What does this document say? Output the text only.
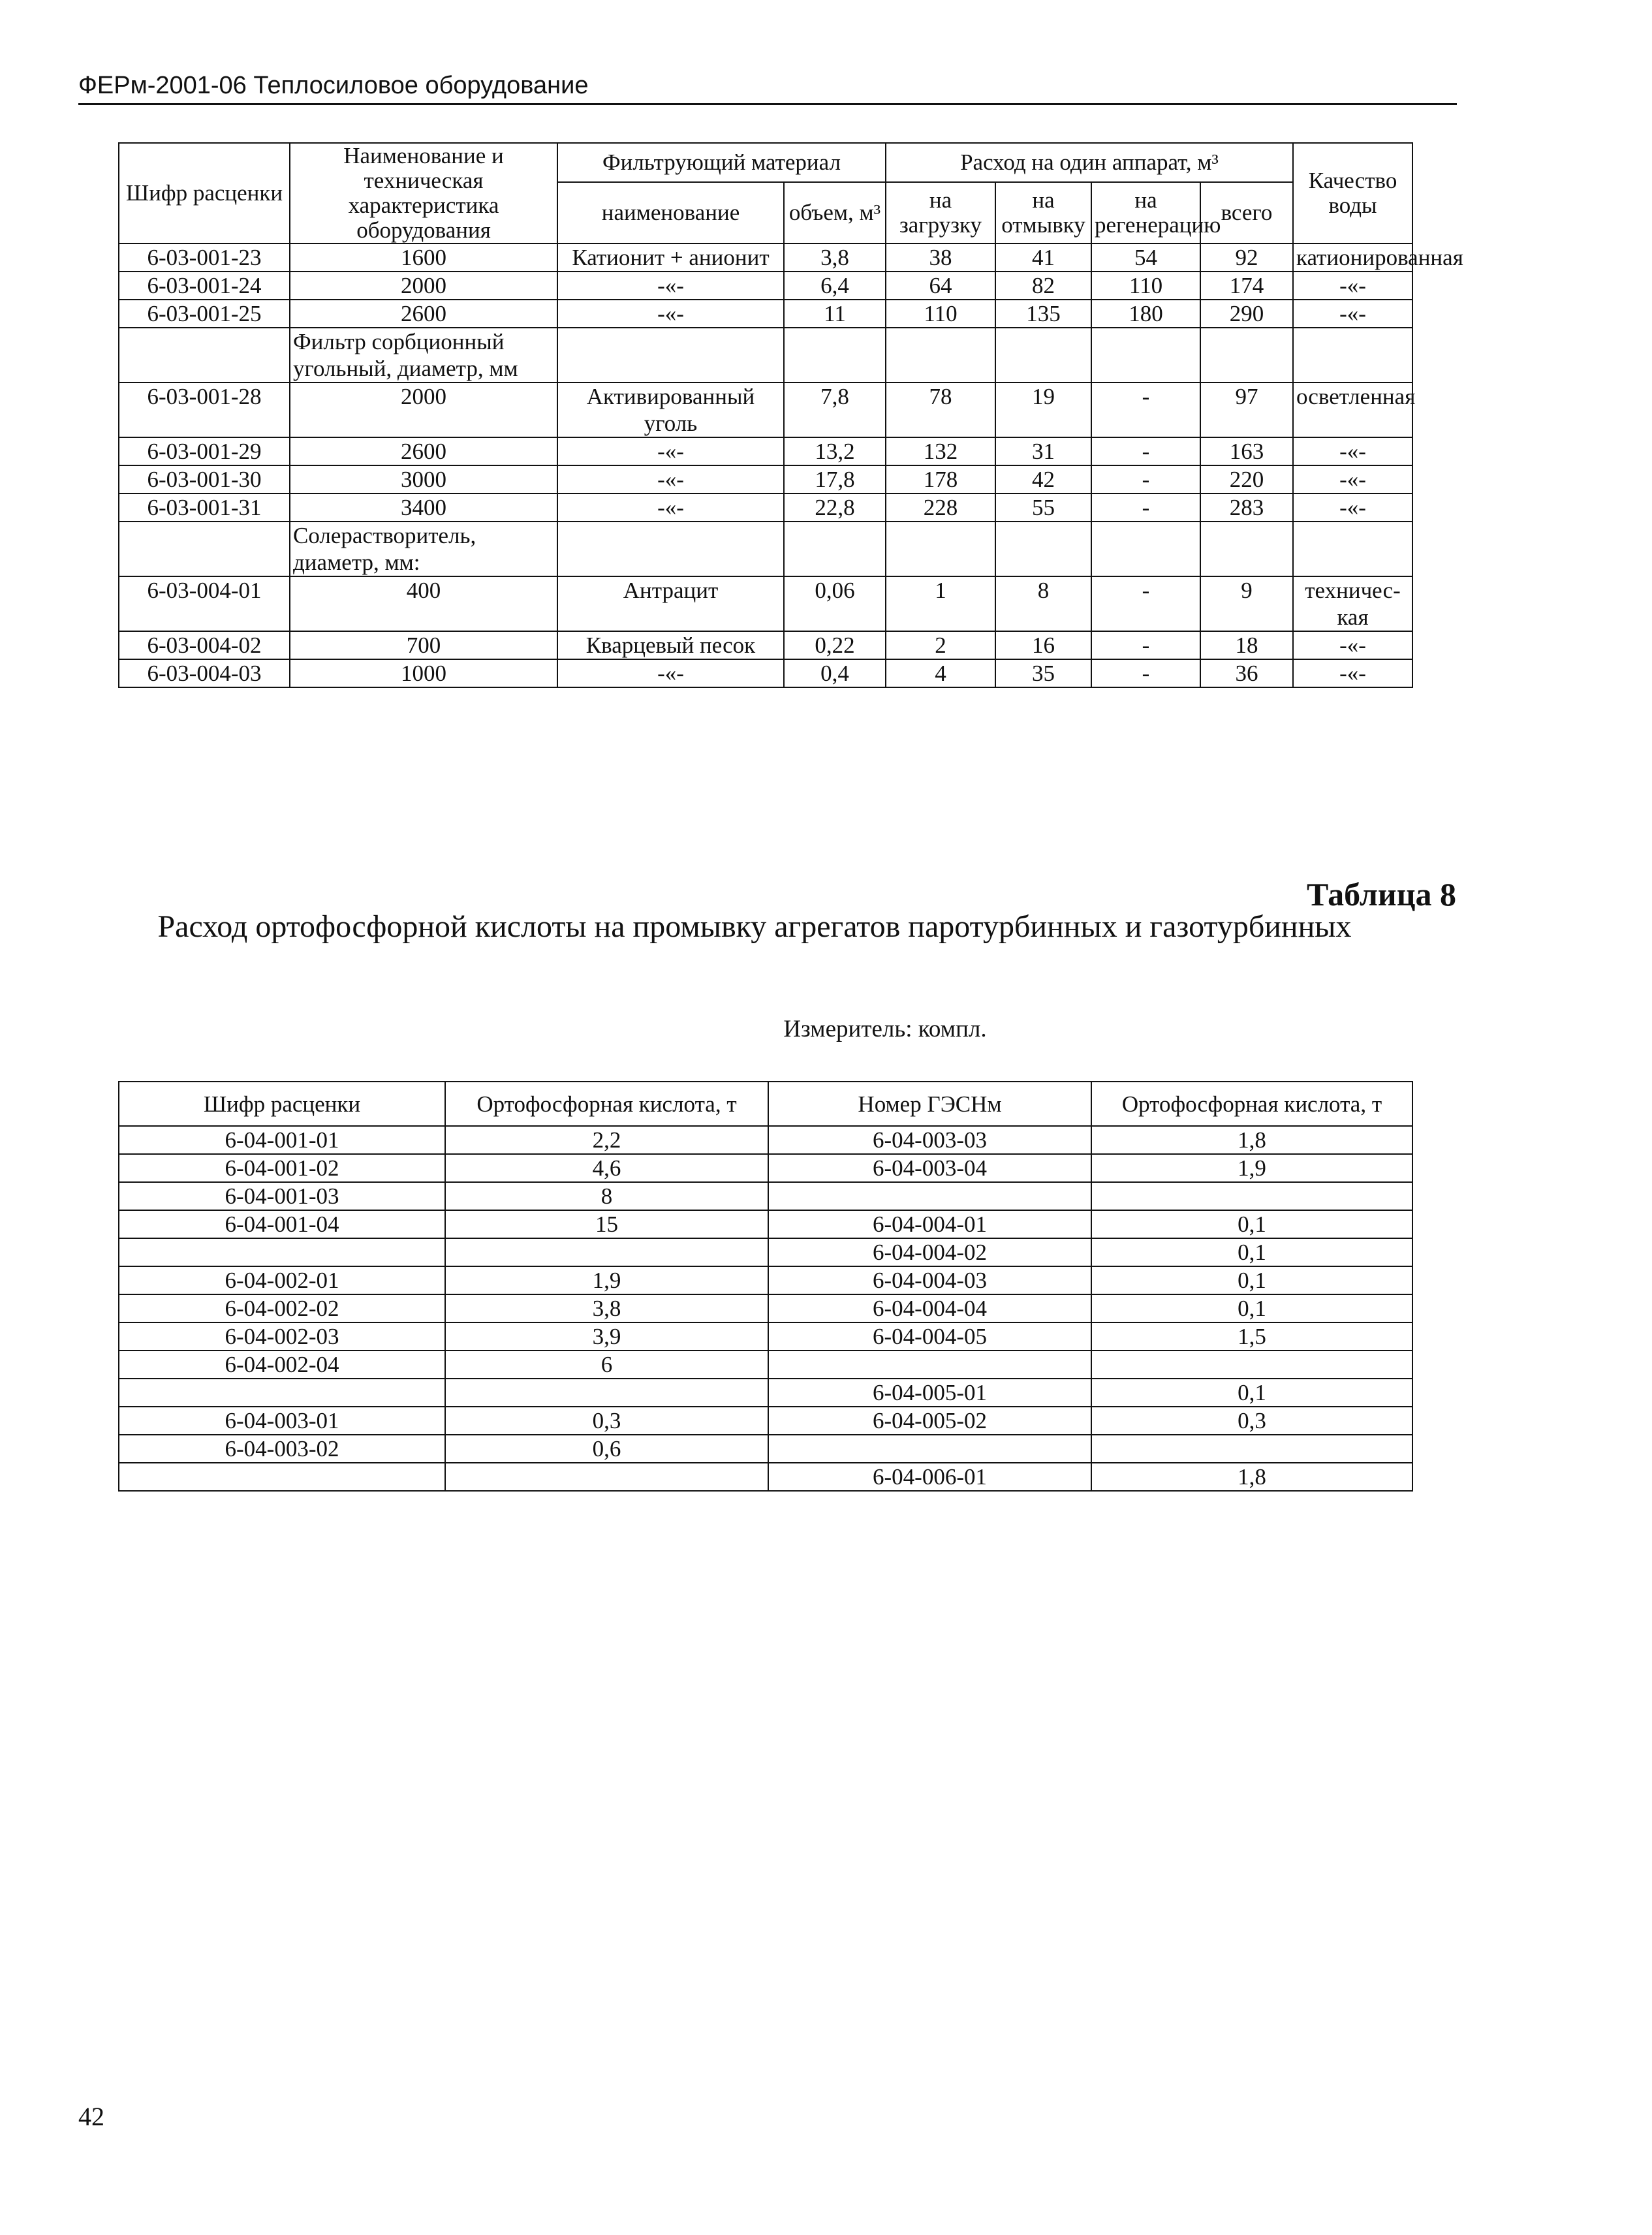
ФЕРм-2001-06 Теплосиловое оборудование
Шифр расценки	Наименование и техническая характеристика оборудования	Фильтрующий материал		Расход на один аппарат, м³				Качество воды
		наименование	объем, м³	на загрузку	на отмывку	на регенерацию	всего	
6-03-001-23	1600	Катионит + анионит	3,8	38	41	54	92	катионированная
6-03-001-24	2000	-«-	6,4	64	82	110	174	-«-
6-03-001-25	2600	-«-	11	110	135	180	290	-«-
	Фильтр сорбционный угольный, диаметр, мм							
6-03-001-28	2000	Активированный уголь	7,8	78	19	-	97	осветленная
6-03-001-29	2600	-«-	13,2	132	31	-	163	-«-
6-03-001-30	3000	-«-	17,8	178	42	-	220	-«-
6-03-001-31	3400	-«-	22,8	228	55	-	283	-«-
	Солерастворитель, диаметр, мм:							
6-03-004-01	400	Антрацит	0,06	1	8	-	9	техничес-кая
6-03-004-02	700	Кварцевый песок	0,22	2	16	-	18	-«-
6-03-004-03	1000	-«-	0,4	4	35	-	36	-«-
Таблица 8
Расход ортофосфорной кислоты на промывку агрегатов паротурбинных и газотурбинных
Измеритель: компл.
Шифр расценки	Ортофосфорная кислота, т	Номер ГЭСНм	Ортофосфорная кислота, т
6-04-001-01	2,2	6-04-003-03	1,8
6-04-001-02	4,6	6-04-003-04	1,9
6-04-001-03	8		
6-04-001-04	15	6-04-004-01	0,1
		6-04-004-02	0,1
6-04-002-01	1,9	6-04-004-03	0,1
6-04-002-02	3,8	6-04-004-04	0,1
6-04-002-03	3,9	6-04-004-05	1,5
6-04-002-04	6		
		6-04-005-01	0,1
6-04-003-01	0,3	6-04-005-02	0,3
6-04-003-02	0,6		
		6-04-006-01	1,8
42
